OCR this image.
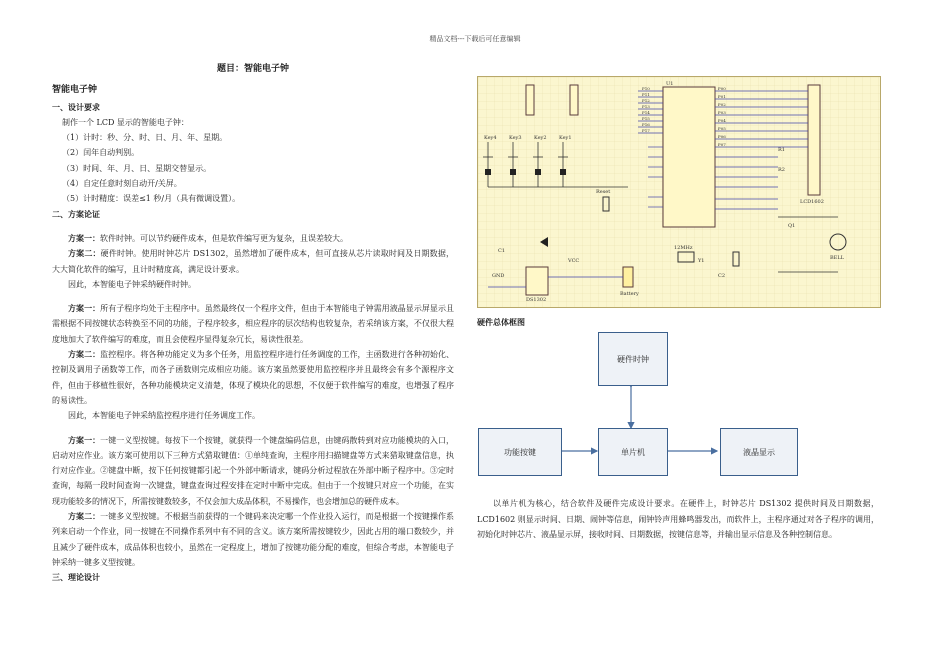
精品文档---下载后可任意编辑
题目：智能电子钟
智能电子钟
一、设计要求
制作一个 LCD 显示的智能电子钟：
（1）计时：秒、分、时、日、月、年、星期。
（2）闰年自动判别。
（3）时间、年、月、日、星期交替显示。
（4）自定任意时刻自动开/关屏。
（5）计时精度：误差≤1 秒/月（具有微调设置）。
二、方案论证
方案一：软件时钟。可以节约硬件成本，但是软件编写更为复杂，且误差较大。
方案二：硬件时钟。使用时钟芯片 DS1302，虽然增加了硬件成本，但可直接从芯片读取时间及日期数据，大大简化软件的编写，且计时精度高，满足设计要求。
因此，本智能电子钟采纳硬件时钟。
方案一：所有子程序均处于主程序中。虽然最终仅一个程序文件，但由于本智能电子钟需用液晶显示屏显示且需根据不同按键状态转换至不同的功能，子程序较多，相应程序的层次结构也较复杂，若采纳该方案，不仅很大程度地加大了软件编写的难度，而且会使程序显得复杂冗长，易读性很差。
方案二：监控程序。将各种功能定义为多个任务，用监控程序进行任务调度的工作，主函数进行各种初始化、控制及调用子函数等工作，而各子函数则完成相应功能。该方案虽然要使用监控程序并且最终会有多个源程序文件，但由于移植性很好，各种功能模块定义清楚，体现了模块化的思想，不仅便于软件编写的难度，也增强了程序的易读性。
因此，本智能电子钟采纳监控程序进行任务调度工作。
方案一：一键一义型按键。每按下一个按键，就获得一个键盘编码信息，由键码散转到对应功能模块的入口，启动对应作业。该方案可使用以下三种方式猎取键值：①单纯查询，主程序用扫描键盘等方式来猎取键盘信息，执行对应作业。②键盘中断，按下任何按键都引起一个外部中断请求，键码分析过程放在外部中断子程序中。③定时查询，每隔一段时间查询一次键盘，键盘查询过程安排在定时中断中完成。但由于一个按键只对应一个功能，在实现功能较多的情况下，所需按键数较多，不仅会加大成品体积，不易操作，也会增加总的硬件成本。
方案二：一键多义型按键。不根据当前获得的一个键码来决定哪一个作业投入运行，而是根据一个按键操作系列来启动一个作业，同一按键在不同操作系列中有不同的含义。该方案所需按键较少，因此占用的端口数较少，并且减少了硬件成本，成品体积也较小，虽然在一定程度上，增加了按键功能分配的难度，但综合考虑，本智能电子钟采纳一键多义型按键。
三、理论设计
Key4 Key3 Key2 Key1
U1
DS1302
LCD1602
BELL
Reset
Battery
12MHz
Y1
R1
R2
C1
C2
Q1
VCC
GND
P00
P01
P02
P03
P04
P05
P06
P07
P10
P11
P12
P13
P14
P15
P16
P17
硬件总体框图
硬件时钟
单片机
功能按键	液晶显示
以单片机为核心，结合软件及硬件完成设计要求。在硬件上，时钟芯片 DS1302 提供时间及日期数据，LCD1602 则显示时间、日期、闹钟等信息，闹钟铃声用蜂鸣器发出，而软件上，主程序通过对各子程序的调用，初始化时钟芯片、液晶显示屏，接收时间、日期数据，按键信息等，并输出显示信息及各种控制信息。
